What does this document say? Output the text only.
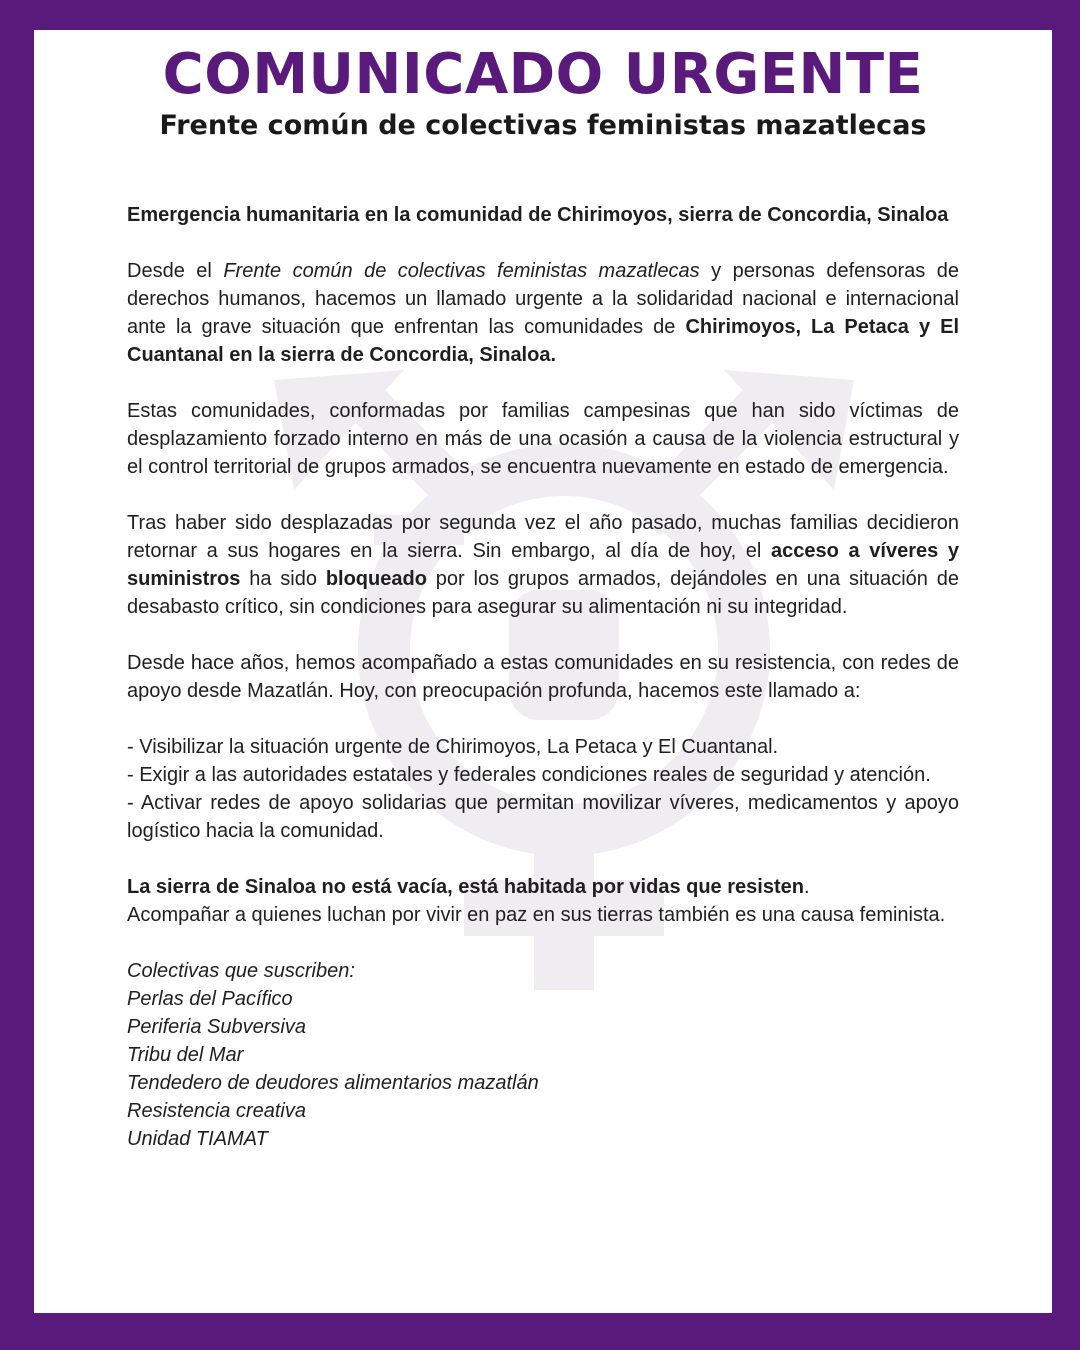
COMUNICADO URGENTE
Frente común de colectivas feministas mazatlecas

Emergencia humanitaria en la comunidad de Chirimoyos, sierra de Concordia, Sinaloa

Desde el Frente común de colectivas feministas mazatlecas y personas defensoras de derechos humanos, hacemos un llamado urgente a la solidaridad nacional e internacional ante la grave situación que enfrentan las comunidades de Chirimoyos, La Petaca y El Cuantanal en la sierra de Concordia, Sinaloa.

Estas comunidades, conformadas por familias campesinas que han sido víctimas de desplazamiento forzado interno en más de una ocasión a causa de la violencia estructural y el control territorial de grupos armados, se encuentra nuevamente en estado de emergencia.

Tras haber sido desplazadas por segunda vez el año pasado, muchas familias decidieron retornar a sus hogares en la sierra. Sin embargo, al día de hoy, el acceso a víveres y suministros ha sido bloqueado por los grupos armados, dejándoles en una situación de desabasto crítico, sin condiciones para asegurar su alimentación ni su integridad.

Desde hace años, hemos acompañado a estas comunidades en su resistencia, con redes de apoyo desde Mazatlán. Hoy, con preocupación profunda, hacemos este llamado a:

- Visibilizar la situación urgente de Chirimoyos, La Petaca y El Cuantanal.

- Exigir a las autoridades estatales y federales condiciones reales de seguridad y atención.

- Activar redes de apoyo solidarias que permitan movilizar víveres, medicamentos y apoyo logístico hacia la comunidad.

La sierra de Sinaloa no está vacía, está habitada por vidas que resisten.

Acompañar a quienes luchan por vivir en paz en sus tierras también es una causa feminista.

Colectivas que suscriben:

Perlas del Pacífico

Periferia Subversiva

Tribu del Mar

Tendedero de deudores alimentarios mazatlán

Resistencia creativa

Unidad TIAMAT
